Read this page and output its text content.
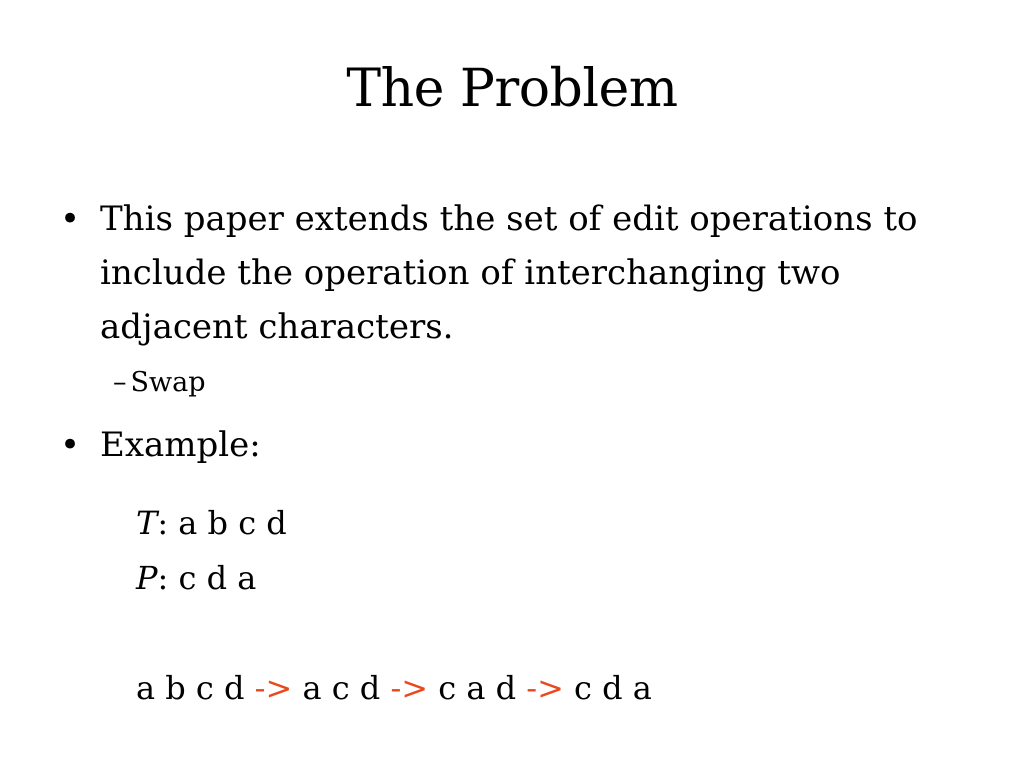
The Problem
• This paper extends the set of edit operations to include the operation of interchanging two adjacent characters.
– Swap
• Example:
T: a b c d
P: c d a
a b c d -> a c d -> c a d -> c d a
